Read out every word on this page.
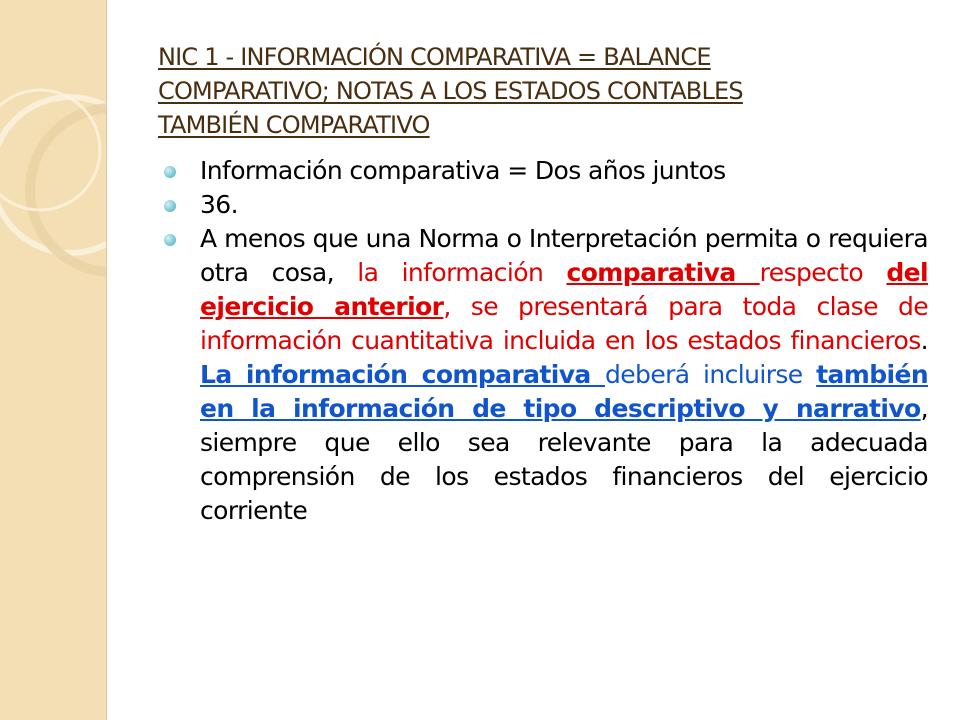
NIC 1 - INFORMACIÓN COMPARATIVA = BALANCE
COMPARATIVO; NOTAS A LOS ESTADOS CONTABLES
TAMBIÉN COMPARATIVO
Información comparativa = Dos años juntos
36.
A menos que una Norma o Interpretación permita o requiera otra cosa, la información comparativa respecto del ejercicio anterior, se presentará para toda clase de información cuantitativa incluida en los estados financieros. La información comparativa deberá incluirse también en la información de tipo descriptivo y narrativo, siempre que ello sea relevante para la adecuada comprensión de los estados financieros del ejercicio corriente
